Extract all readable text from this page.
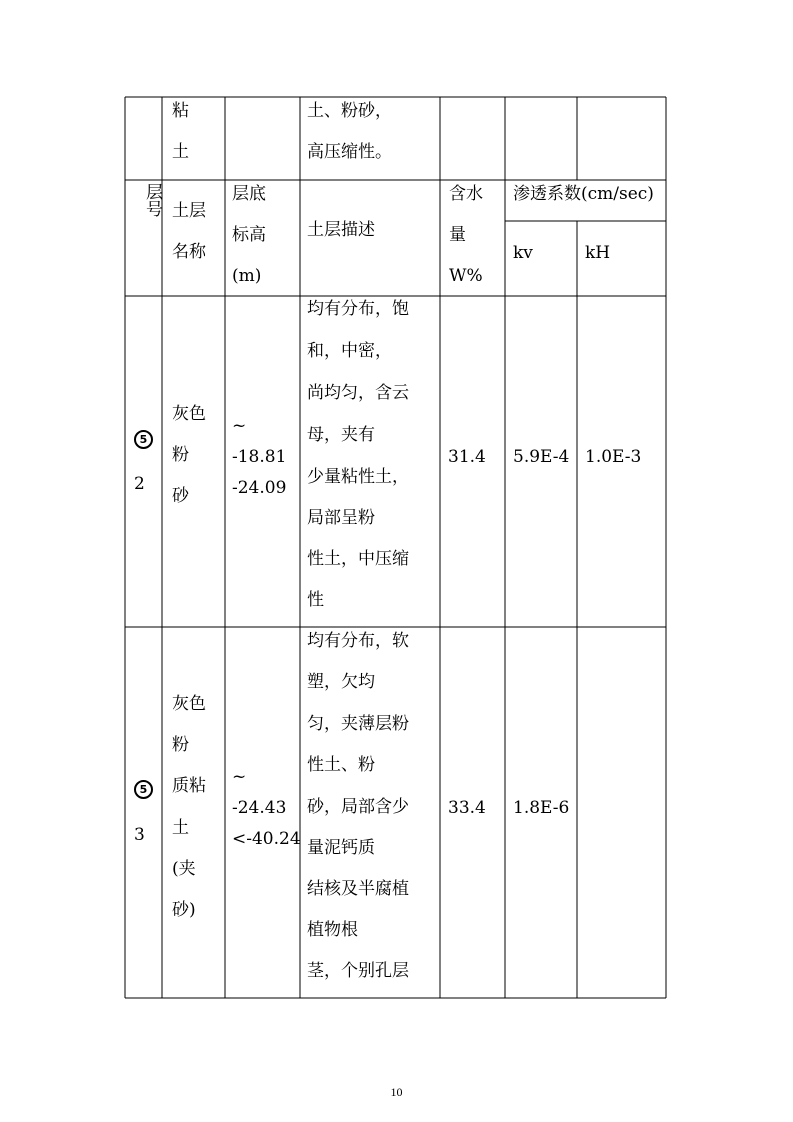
粘
土
土、粉砂，
高压缩性。
层
号 土层
名称
层底
标高
(m)
土层描述
含水
量
W%
渗透系数(cm/sec)
kv	kH
5
2
灰色
粉
砂
~
-18.81
-24.09
均有分布，饱
和，中密，
尚均匀，含云
母，夹有
少量粘性土，
局部呈粉
性土，中压缩
性
31.4 5.9E-4 1.0E-3
5
3
灰色
粉
质粘
土
(夹
砂)
~
-24.43
<-40.24
均有分布，软
塑，欠均
匀，夹薄层粉
性土、粉
砂，局部含少
量泥钙质
结核及半腐植
植物根
茎，个别孔层
33.4 1.8E-6
10
